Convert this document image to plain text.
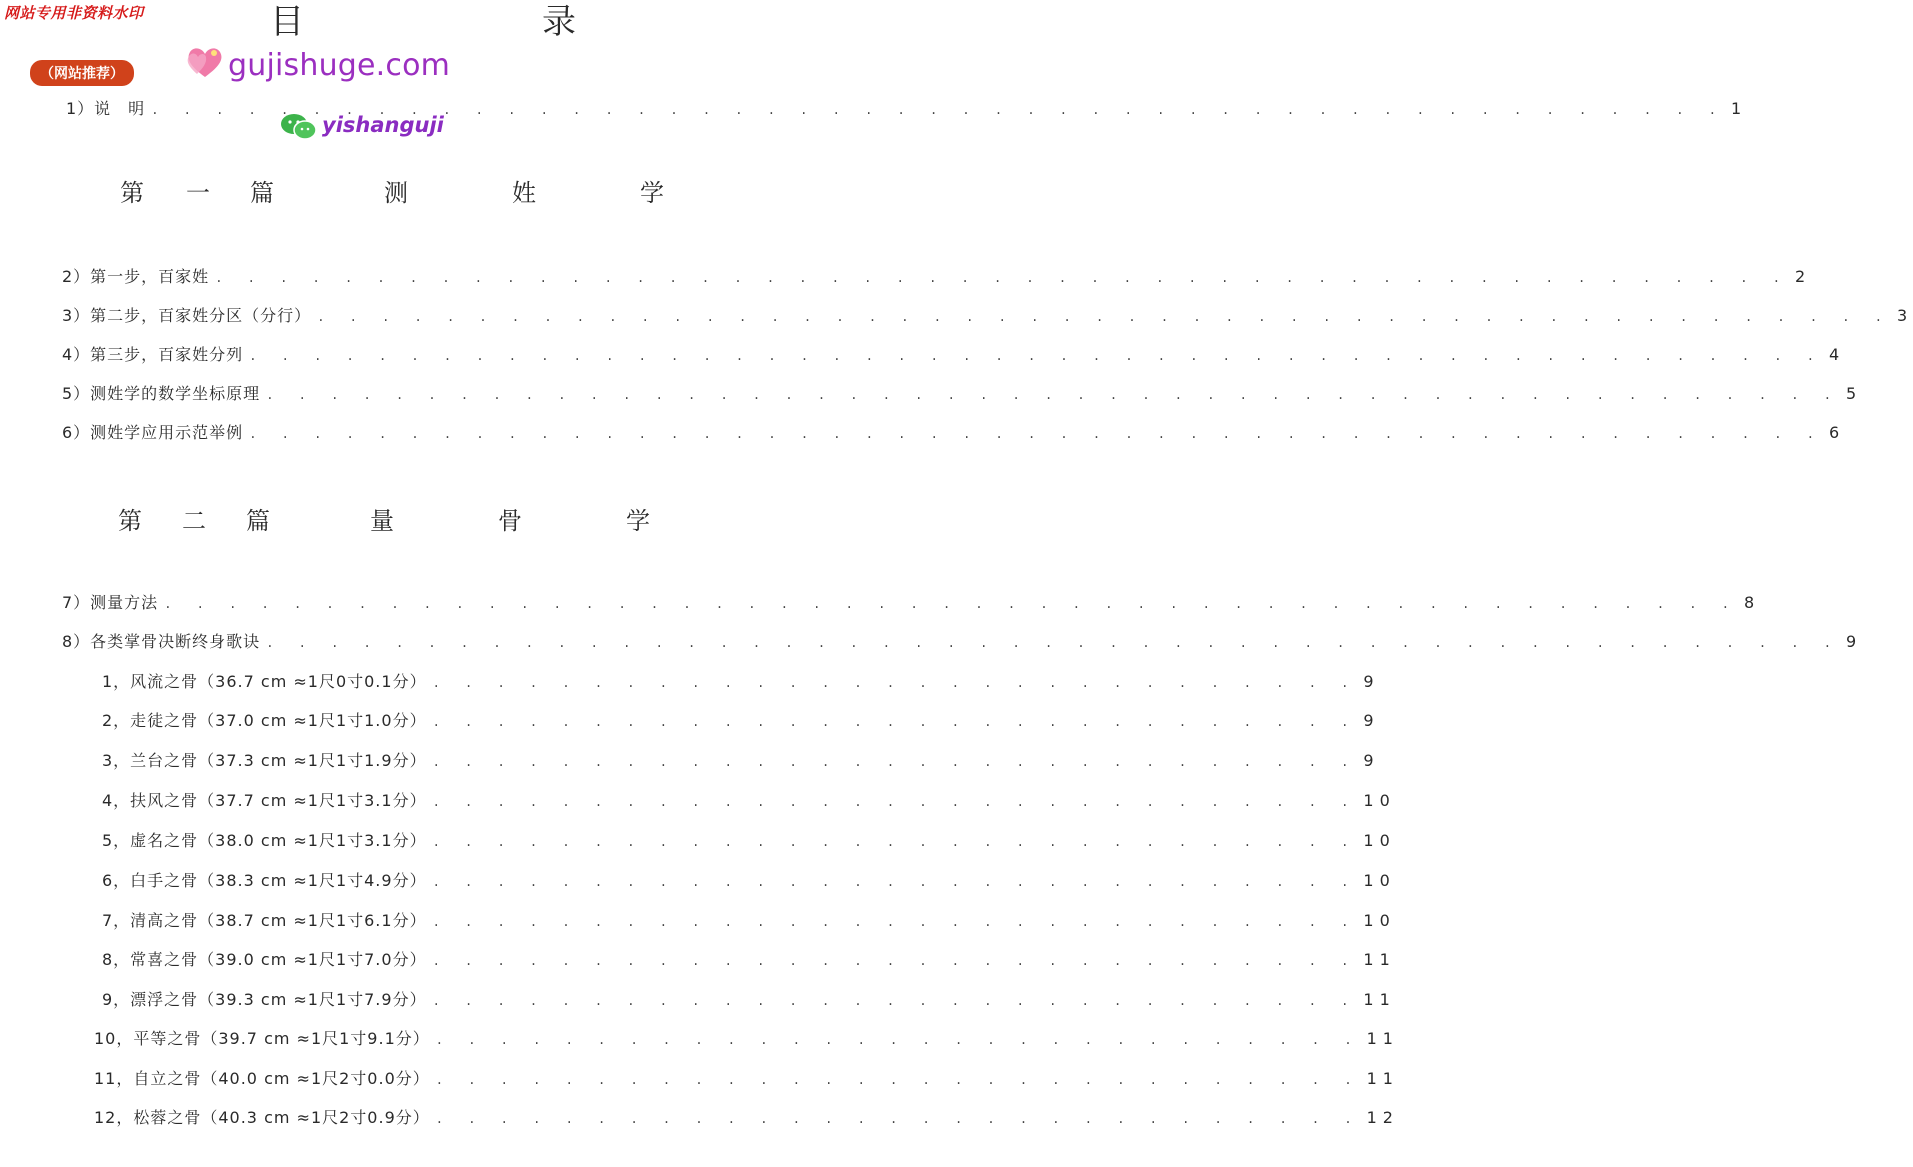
网站专用非资料水印
（网站推荐）	gujishuge.com
yishanguji
目	录
1）说　明 . . . . . . . . . . . . . . . . . . . . . . . . . . . . . . . . . . . . . . . . . . . . . . . . . 1
第 一 篇	测	姓	学
2）第一步，百家姓 . . . . . . . . . . . . . . . . . . . . . . . . . . . . . . . . . . . . . . . . . . . . . . . . . 2
3）第二步，百家姓分区（分行） . . . . . . . . . . . . . . . . . . . . . . . . . . . . . . . . . . . . . . . . . . . . . . . . . 3
4）第三步，百家姓分列 . . . . . . . . . . . . . . . . . . . . . . . . . . . . . . . . . . . . . . . . . . . . . . . . . 4
5）测姓学的数学坐标原理 . . . . . . . . . . . . . . . . . . . . . . . . . . . . . . . . . . . . . . . . . . . . . . . . . 5
6）测姓学应用示范举例 . . . . . . . . . . . . . . . . . . . . . . . . . . . . . . . . . . . . . . . . . . . . . . . . . 6
第 二 篇	量	骨	学
7）测量方法 . . . . . . . . . . . . . . . . . . . . . . . . . . . . . . . . . . . . . . . . . . . . . . . . . 8
8）各类掌骨决断终身歌诀 . . . . . . . . . . . . . . . . . . . . . . . . . . . . . . . . . . . . . . . . . . . . . . . . . 9
1，风流之骨（36.7 cm ≈1尺0寸0.1分） . . . . . . . . . . . . . . . . . . . . . . . . . . . . . 9
2，走徒之骨（37.0 cm ≈1尺1寸1.0分） . . . . . . . . . . . . . . . . . . . . . . . . . . . . . 9
3，兰台之骨（37.3 cm ≈1尺1寸1.9分） . . . . . . . . . . . . . . . . . . . . . . . . . . . . . 9
4，扶风之骨（37.7 cm ≈1尺1寸3.1分） . . . . . . . . . . . . . . . . . . . . . . . . . . . . . 10
5，虚名之骨（38.0 cm ≈1尺1寸3.1分） . . . . . . . . . . . . . . . . . . . . . . . . . . . . . 10
6，白手之骨（38.3 cm ≈1尺1寸4.9分） . . . . . . . . . . . . . . . . . . . . . . . . . . . . . 10
7，清高之骨（38.7 cm ≈1尺1寸6.1分） . . . . . . . . . . . . . . . . . . . . . . . . . . . . . 10
8，常喜之骨（39.0 cm ≈1尺1寸7.0分） . . . . . . . . . . . . . . . . . . . . . . . . . . . . . 11
9，漂浮之骨（39.3 cm ≈1尺1寸7.9分） . . . . . . . . . . . . . . . . . . . . . . . . . . . . . 11
10，平等之骨（39.7 cm ≈1尺1寸9.1分） . . . . . . . . . . . . . . . . . . . . . . . . . . . . . 11
11，自立之骨（40.0 cm ≈1尺2寸0.0分） . . . . . . . . . . . . . . . . . . . . . . . . . . . . . 11
12，松蓉之骨（40.3 cm ≈1尺2寸0.9分） . . . . . . . . . . . . . . . . . . . . . . . . . . . . . 12
